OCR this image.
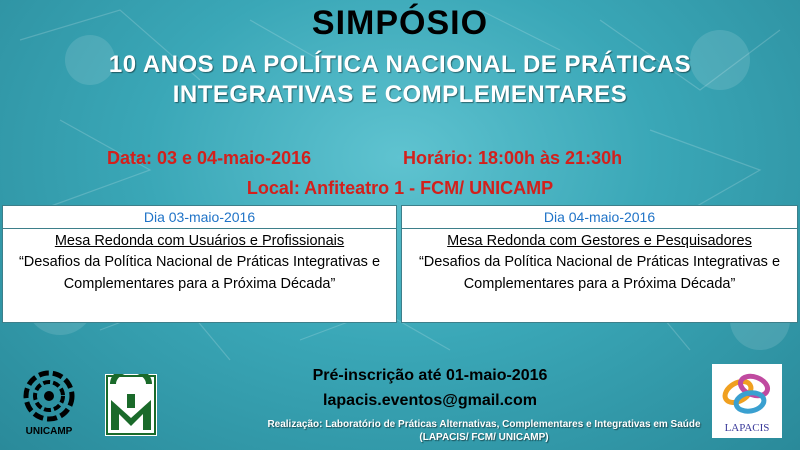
SIMPÓSIO
10 ANOS DA POLÍTICA NACIONAL DE PRÁTICAS
INTEGRATIVAS E COMPLEMENTARES
Data: 03 e 04-maio-2016	Horário: 18:00h às 21:30h
Local: Anfiteatro 1 - FCM/ UNICAMP
Dia 03-maio-2016
Mesa Redonda com Usuários e Profissionais
“Desafios da Política Nacional de Práticas Integrativas e Complementares para a Próxima Década”
Dia 04-maio-2016
Mesa Redonda com Gestores e Pesquisadores
“Desafios da Política Nacional de Práticas Integrativas e Complementares para a Próxima Década”
UNICAMP
Pré-inscrição até 01-maio-2016
lapacis.eventos@gmail.com
Realização: Laboratório de Práticas Alternativas, Complementares e Integrativas em Saúde (LAPACIS/ FCM/ UNICAMP)
LAPACIS
